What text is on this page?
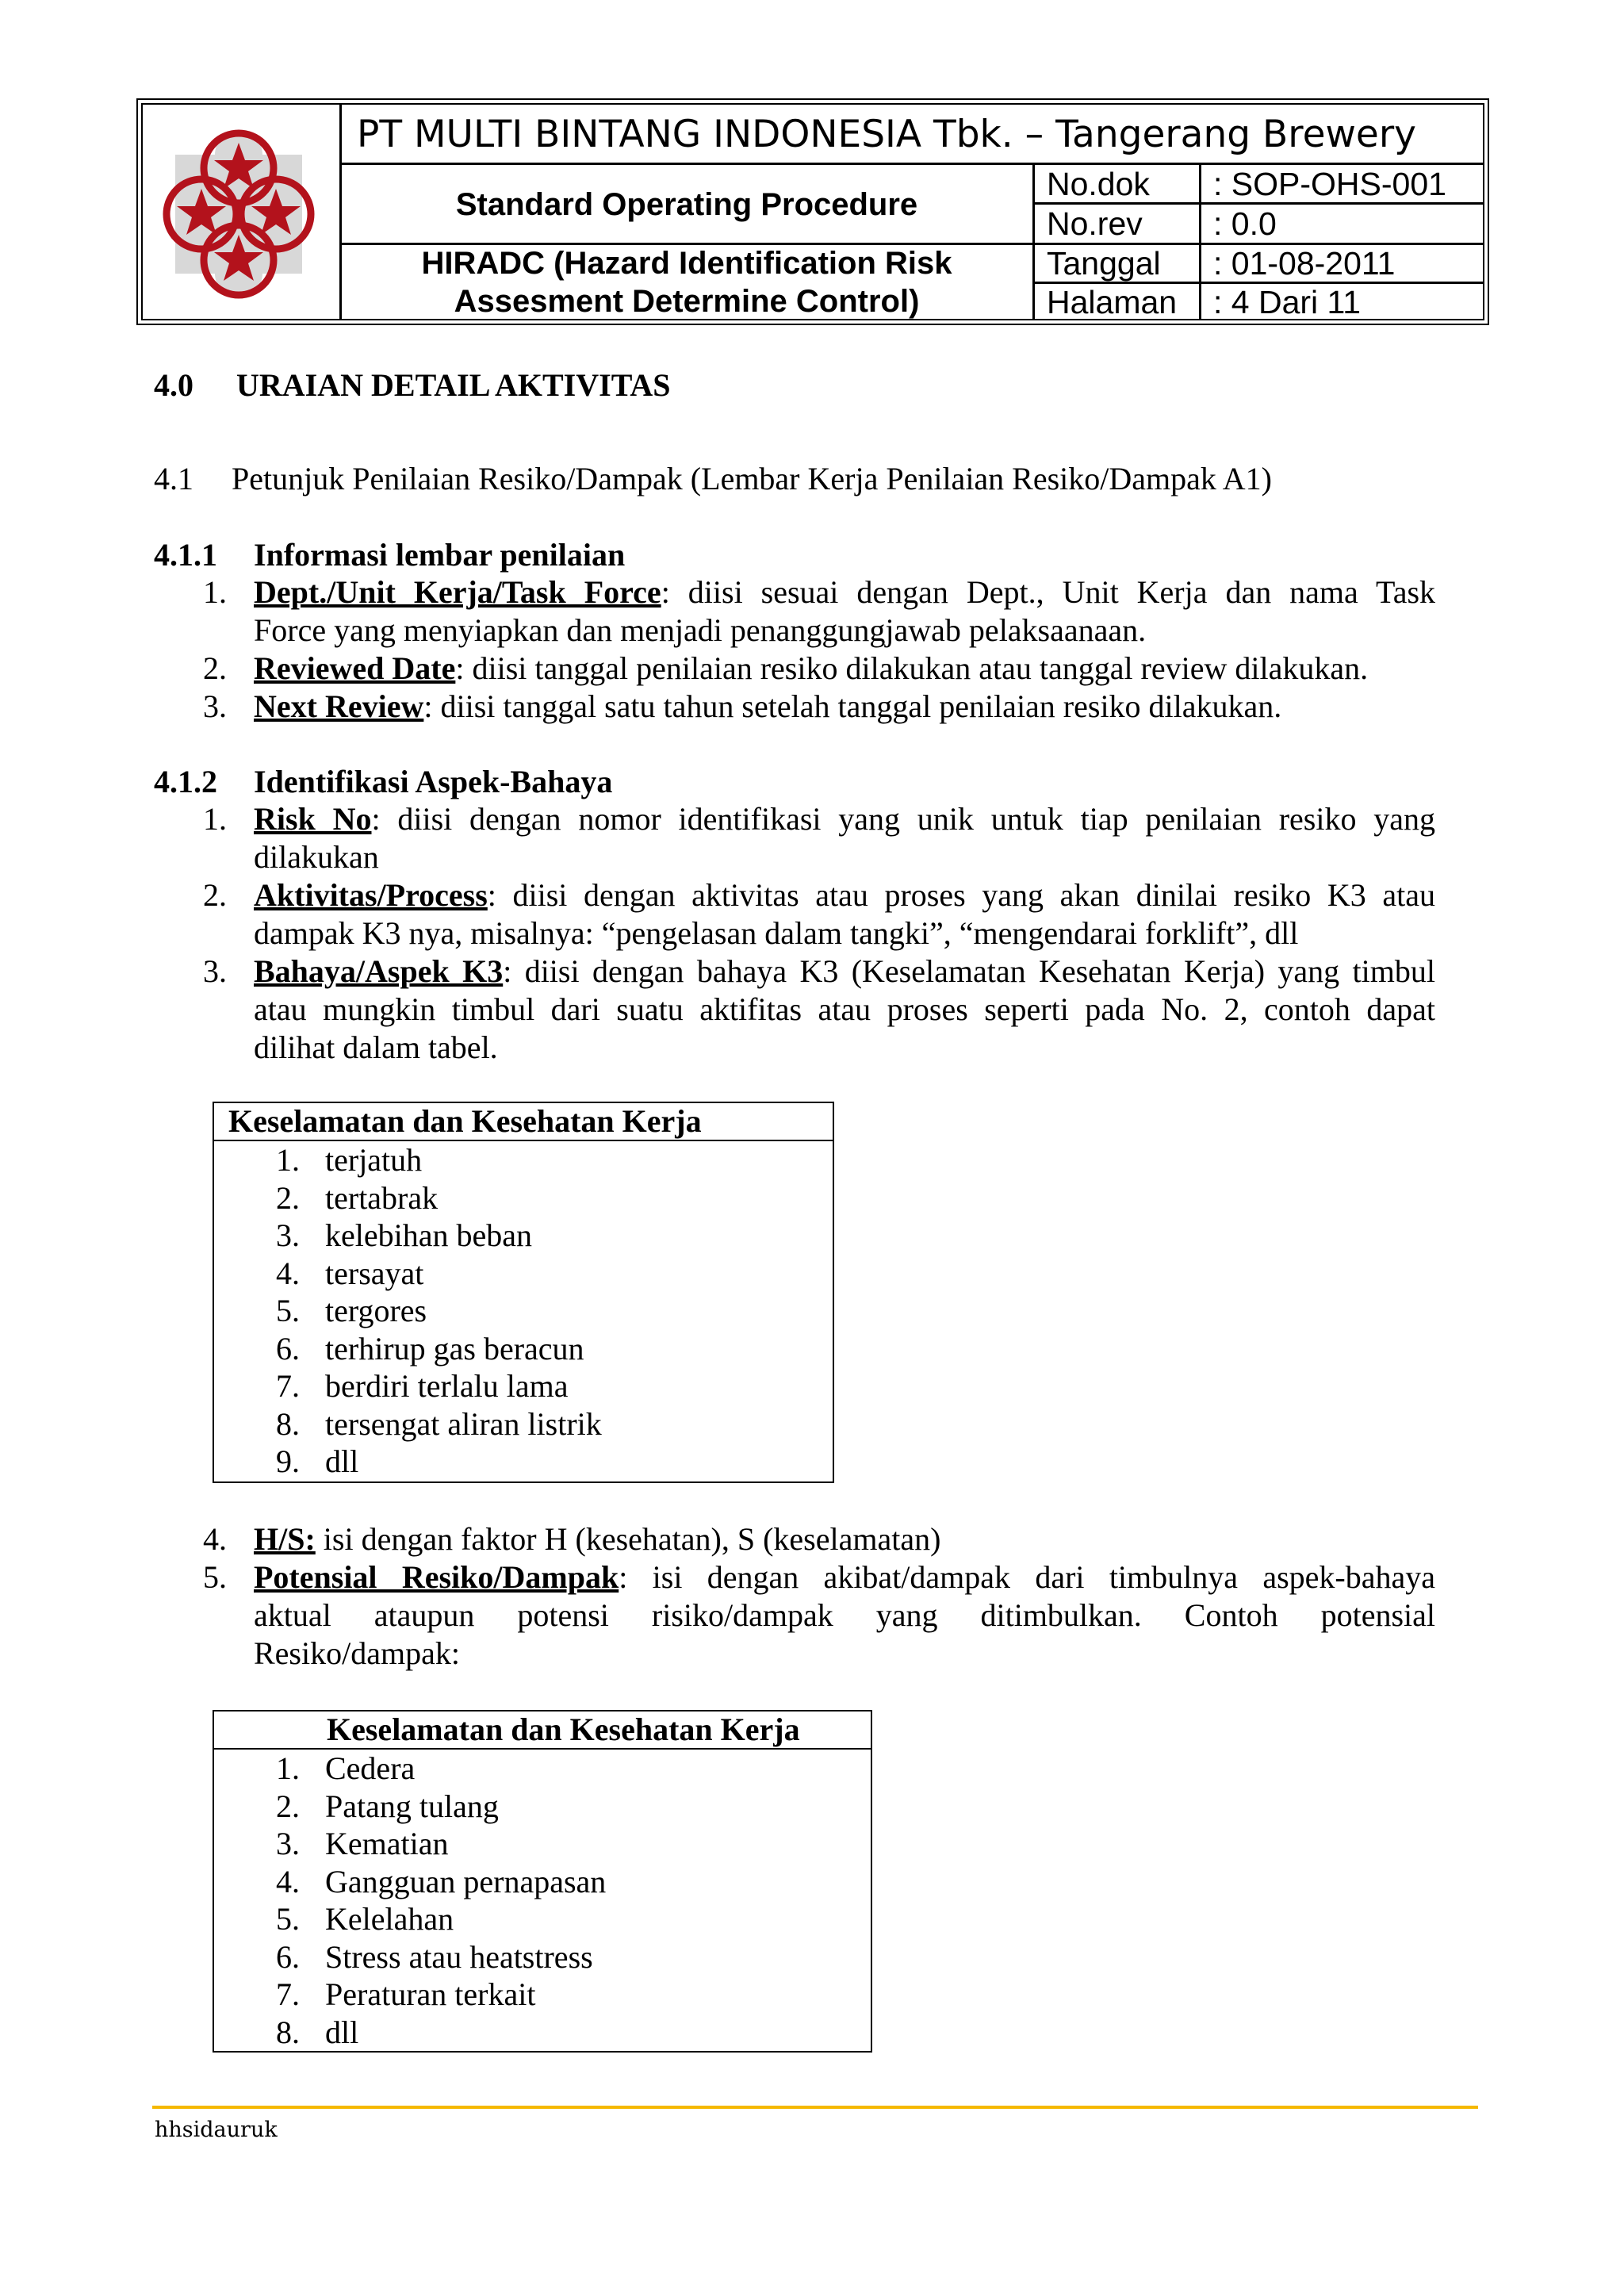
PT MULTI BINTANG INDONESIA Tbk. – Tangerang Brewery
Standard Operating Procedure
HIRADC (Hazard Identification Risk
Assesment Determine Control)
No.dok	: SOP-OHS-001
No.rev	: 0.0
Tanggal	: 01-08-2011
Halaman	: 4 Dari 11
4.0 URAIAN DETAIL AKTIVITAS
4.1 Petunjuk Penilaian Resiko/Dampak (Lembar Kerja Penilaian Resiko/Dampak A1)
4.1.1 Informasi lembar penilaian
1. Dept./Unit Kerja/Task Force: diisi sesuai dengan Dept., Unit Kerja dan nama Task
Force yang menyiapkan dan menjadi penanggungjawab pelaksaanaan.
2. Reviewed Date: diisi tanggal penilaian resiko dilakukan atau tanggal review dilakukan.
3. Next Review: diisi tanggal satu tahun setelah tanggal penilaian resiko dilakukan.
4.1.2 Identifikasi Aspek-Bahaya
1. Risk No: diisi dengan nomor identifikasi yang unik untuk tiap penilaian resiko yang
dilakukan
2. Aktivitas/Process: diisi dengan aktivitas atau proses yang akan dinilai resiko K3 atau
dampak K3 nya, misalnya: “pengelasan dalam tangki”, “mengendarai forklift”, dll
3. Bahaya/Aspek K3: diisi dengan bahaya K3 (Keselamatan Kesehatan Kerja) yang timbul
atau mungkin timbul dari suatu aktifitas atau proses seperti pada No. 2, contoh dapat
dilihat dalam tabel.
Keselamatan dan Kesehatan Kerja
1. terjatuh
2. tertabrak
3. kelebihan beban
4. tersayat
5. tergores
6. terhirup gas beracun
7. berdiri terlalu lama
8. tersengat aliran listrik
9. dll
4. H/S: isi dengan faktor H (kesehatan), S (keselamatan)
5. Potensial Resiko/Dampak: isi dengan akibat/dampak dari timbulnya aspek-bahaya
aktual ataupun potensi risiko/dampak yang ditimbulkan. Contoh potensial
Resiko/dampak:
Keselamatan dan Kesehatan Kerja
1. Cedera
2. Patang tulang
3. Kematian
4. Gangguan pernapasan
5. Kelelahan
6. Stress atau heatstress
7. Peraturan terkait
8. dll
hhsidauruk
